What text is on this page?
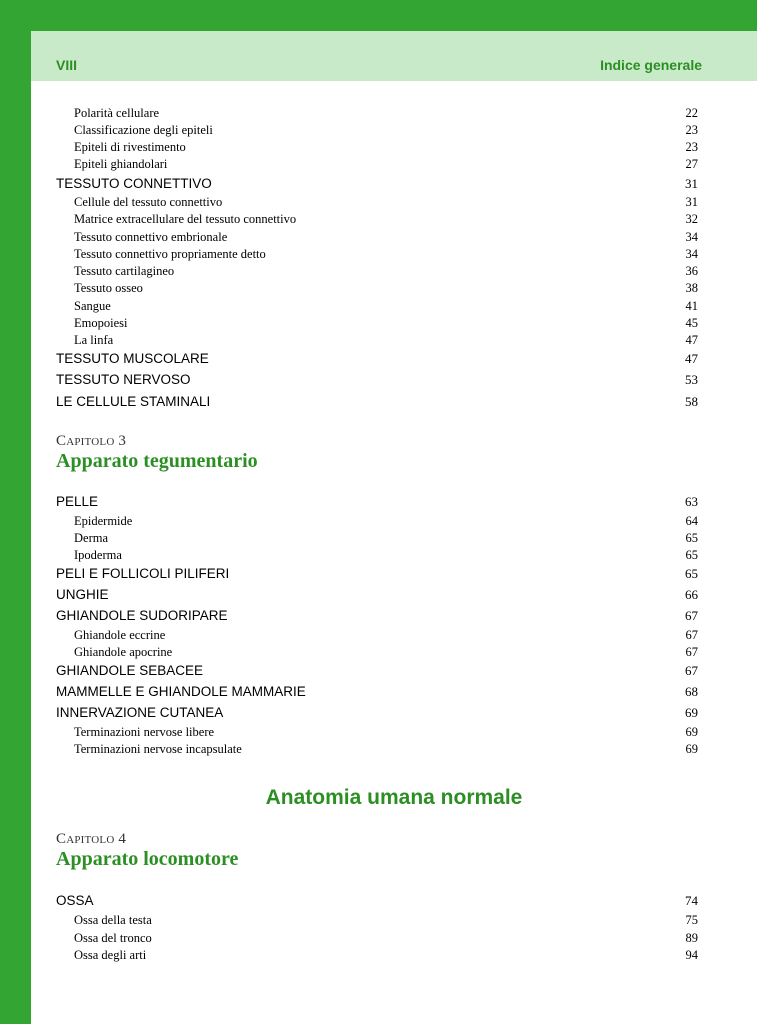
VIII	Indice generale
Polarità cellulare	22
Classificazione degli epiteli	23
Epiteli di rivestimento	23
Epiteli ghiandolari	27
TESSUTO CONNETTIVO	31
Cellule del tessuto connettivo	31
Matrice extracellulare del tessuto connettivo	32
Tessuto connettivo embrionale	34
Tessuto connettivo propriamente detto	34
Tessuto cartilagineo	36
Tessuto osseo	38
Sangue	41
Emopoiesi	45
La linfa	47
TESSUTO MUSCOLARE	47
TESSUTO NERVOSO	53
LE CELLULE STAMINALI	58
Capitolo 3
Apparato tegumentario
PELLE	63
Epidermide	64
Derma	65
Ipoderma	65
PELI E FOLLICOLI PILIFERI	65
UNGHIE	66
GHIANDOLE SUDORIPARE	67
Ghiandole eccrine	67
Ghiandole apocrine	67
GHIANDOLE SEBACEE	67
MAMMELLE E GHIANDOLE MAMMARIE	68
INNERVAZIONE CUTANEA	69
Terminazioni nervose libere	69
Terminazioni nervose incapsulate	69
Anatomia umana normale
Capitolo 4
Apparato locomotore
OSSA	74
Ossa della testa	75
Ossa del tronco	89
Ossa degli arti	94
